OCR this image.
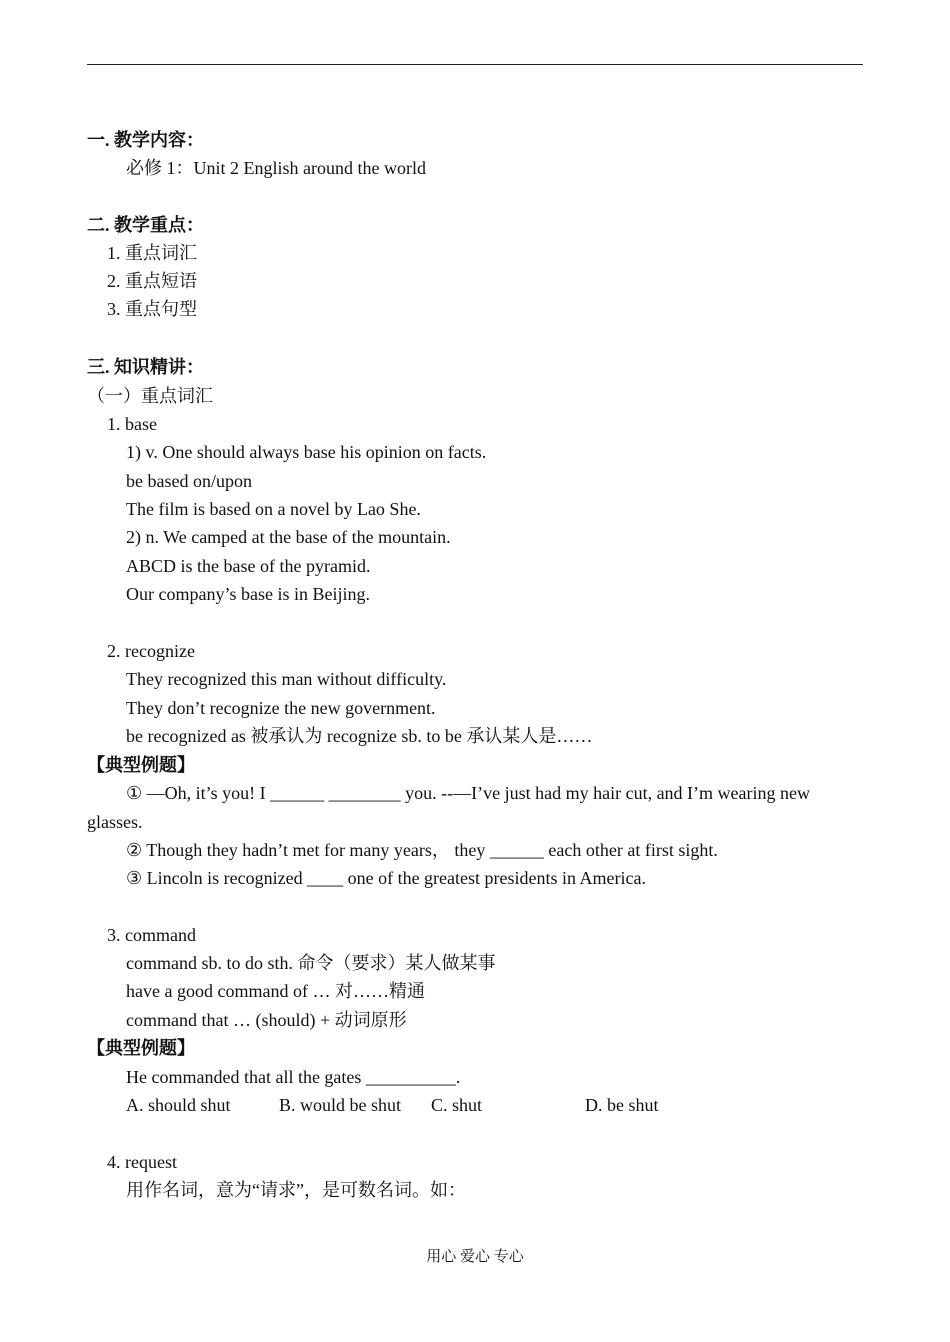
一. 教学内容：
必修 1：Unit 2 English around the world
二. 教学重点：
1. 重点词汇
2. 重点短语
3. 重点句型
三. 知识精讲：
（一）重点词汇
1. base
1) v. One should always base his opinion on facts.
be based on/upon
The film is based on a novel by Lao She.
2) n. We camped at the base of the mountain.
ABCD is the base of the pyramid.
Our company’s base is in Beijing.
2. recognize
They recognized this man without difficulty.
They don’t recognize the new government.
be recognized as 被承认为 recognize sb. to be 承认某人是……
【典型例题】
① —Oh, it’s you! I ______ ________ you. --—I’ve just had my hair cut, and I’m wearing new
glasses.
② Though they hadn’t met for many years， they ______ each other at first sight.
③ Lincoln is recognized ____ one of the greatest presidents in America.
3. command
command sb. to do sth. 命令（要求）某人做某事
have a good command of … 对……精通
command that … (should) + 动词原形
【典型例题】
He commanded that all the gates __________.
A. should shut	B. would be shut C. shut	D. be shut
4. request
用作名词，意为“请求”，是可数名词。如：
用心 爱心 专心
